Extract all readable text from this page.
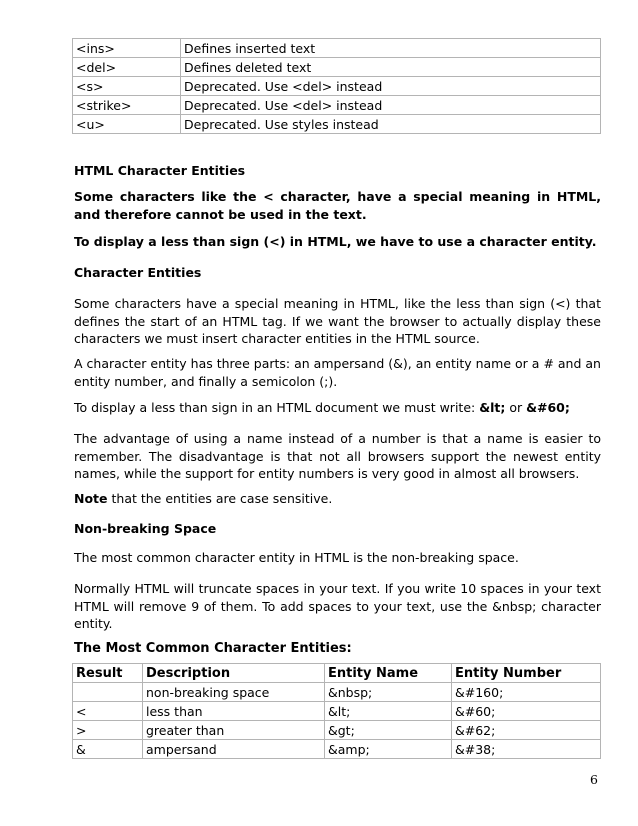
<ins>	Defines inserted text
<del>	Defines deleted text
<s>	Deprecated. Use <del> instead
<strike>	Deprecated. Use <del> instead
<u>	Deprecated. Use styles instead
HTML Character Entities
Some characters like the < character, have a special meaning in HTML, and therefore cannot be used in the text.
To display a less than sign (<) in HTML, we have to use a character entity.
Character Entities
Some characters have a special meaning in HTML, like the less than sign (<) that defines the start of an HTML tag. If we want the browser to actually display these characters we must insert character entities in the HTML source.
A character entity has three parts: an ampersand (&), an entity name or a # and an entity number, and finally a semicolon (;).
To display a less than sign in an HTML document we must write: &lt; or &#60;
The advantage of using a name instead of a number is that a name is easier to remember. The disadvantage is that not all browsers support the newest entity names, while the support for entity numbers is very good in almost all browsers.
Note that the entities are case sensitive.
Non-breaking Space
The most common character entity in HTML is the non-breaking space.
Normally HTML will truncate spaces in your text. If you write 10 spaces in your text HTML will remove 9 of them. To add spaces to your text, use the &nbsp; character entity.
The Most Common Character Entities:
Result	Description	Entity Name	Entity Number
	non-breaking space	&nbsp;	&#160;
<	less than	&lt;	&#60;
>	greater than	&gt;	&#62;
&	ampersand	&amp;	&#38;
6
